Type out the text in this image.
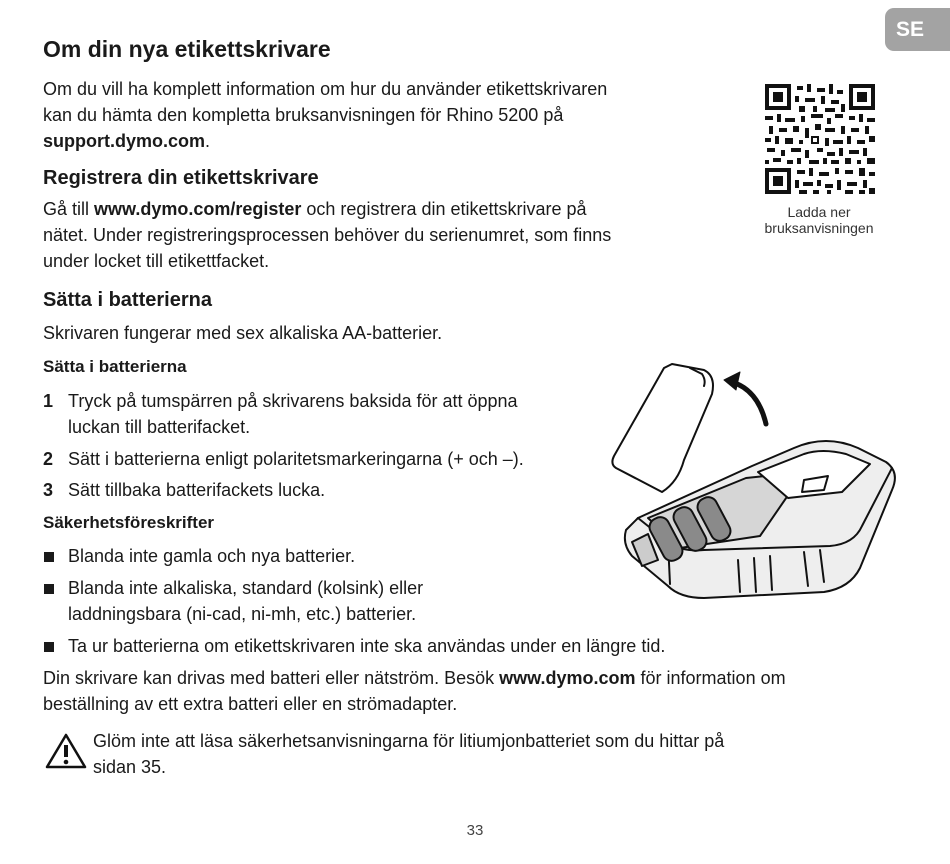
SE
Om din nya etikettskrivare

Om du vill ha komplett information om hur du använder etikettskrivaren
kan du hämta den kompletta bruksanvisningen för Rhino 5200 på
support.dymo.com.

Ladda ner
bruksanvisningen
Registrera din etikettskrivare

Gå till www.dymo.com/register och registrera din etikettskrivare på
nätet. Under registreringsprocessen behöver du serienumret, som finns
under locket till etikettfacket.

Sätta i batterierna

Skrivaren fungerar med sex alkaliska AA-batterier.

Sätta i batterierna
1 Tryck på tumspärren på skrivarens baksida för att öppna
luckan till batterifacket.
2 Sätt i batterierna enligt polaritetsmarkeringarna (+ och –).
3 Sätt tillbaka batterifackets lucka.
Säkerhetsföreskrifter
Blanda inte gamla och nya batterier.
Blanda inte alkaliska, standard (kolsink) eller
laddningsbara (ni-cad, ni-mh, etc.) batterier.
Ta ur batterierna om etikettskrivaren inte ska användas under en längre tid.

Din skrivare kan drivas med batteri eller nätström. Besök www.dymo.com för information om
beställning av ett extra batteri eller en strömadapter.

Glöm inte att läsa säkerhetsanvisningarna för litiumjonbatteriet som du hittar på
sidan 35.

33
